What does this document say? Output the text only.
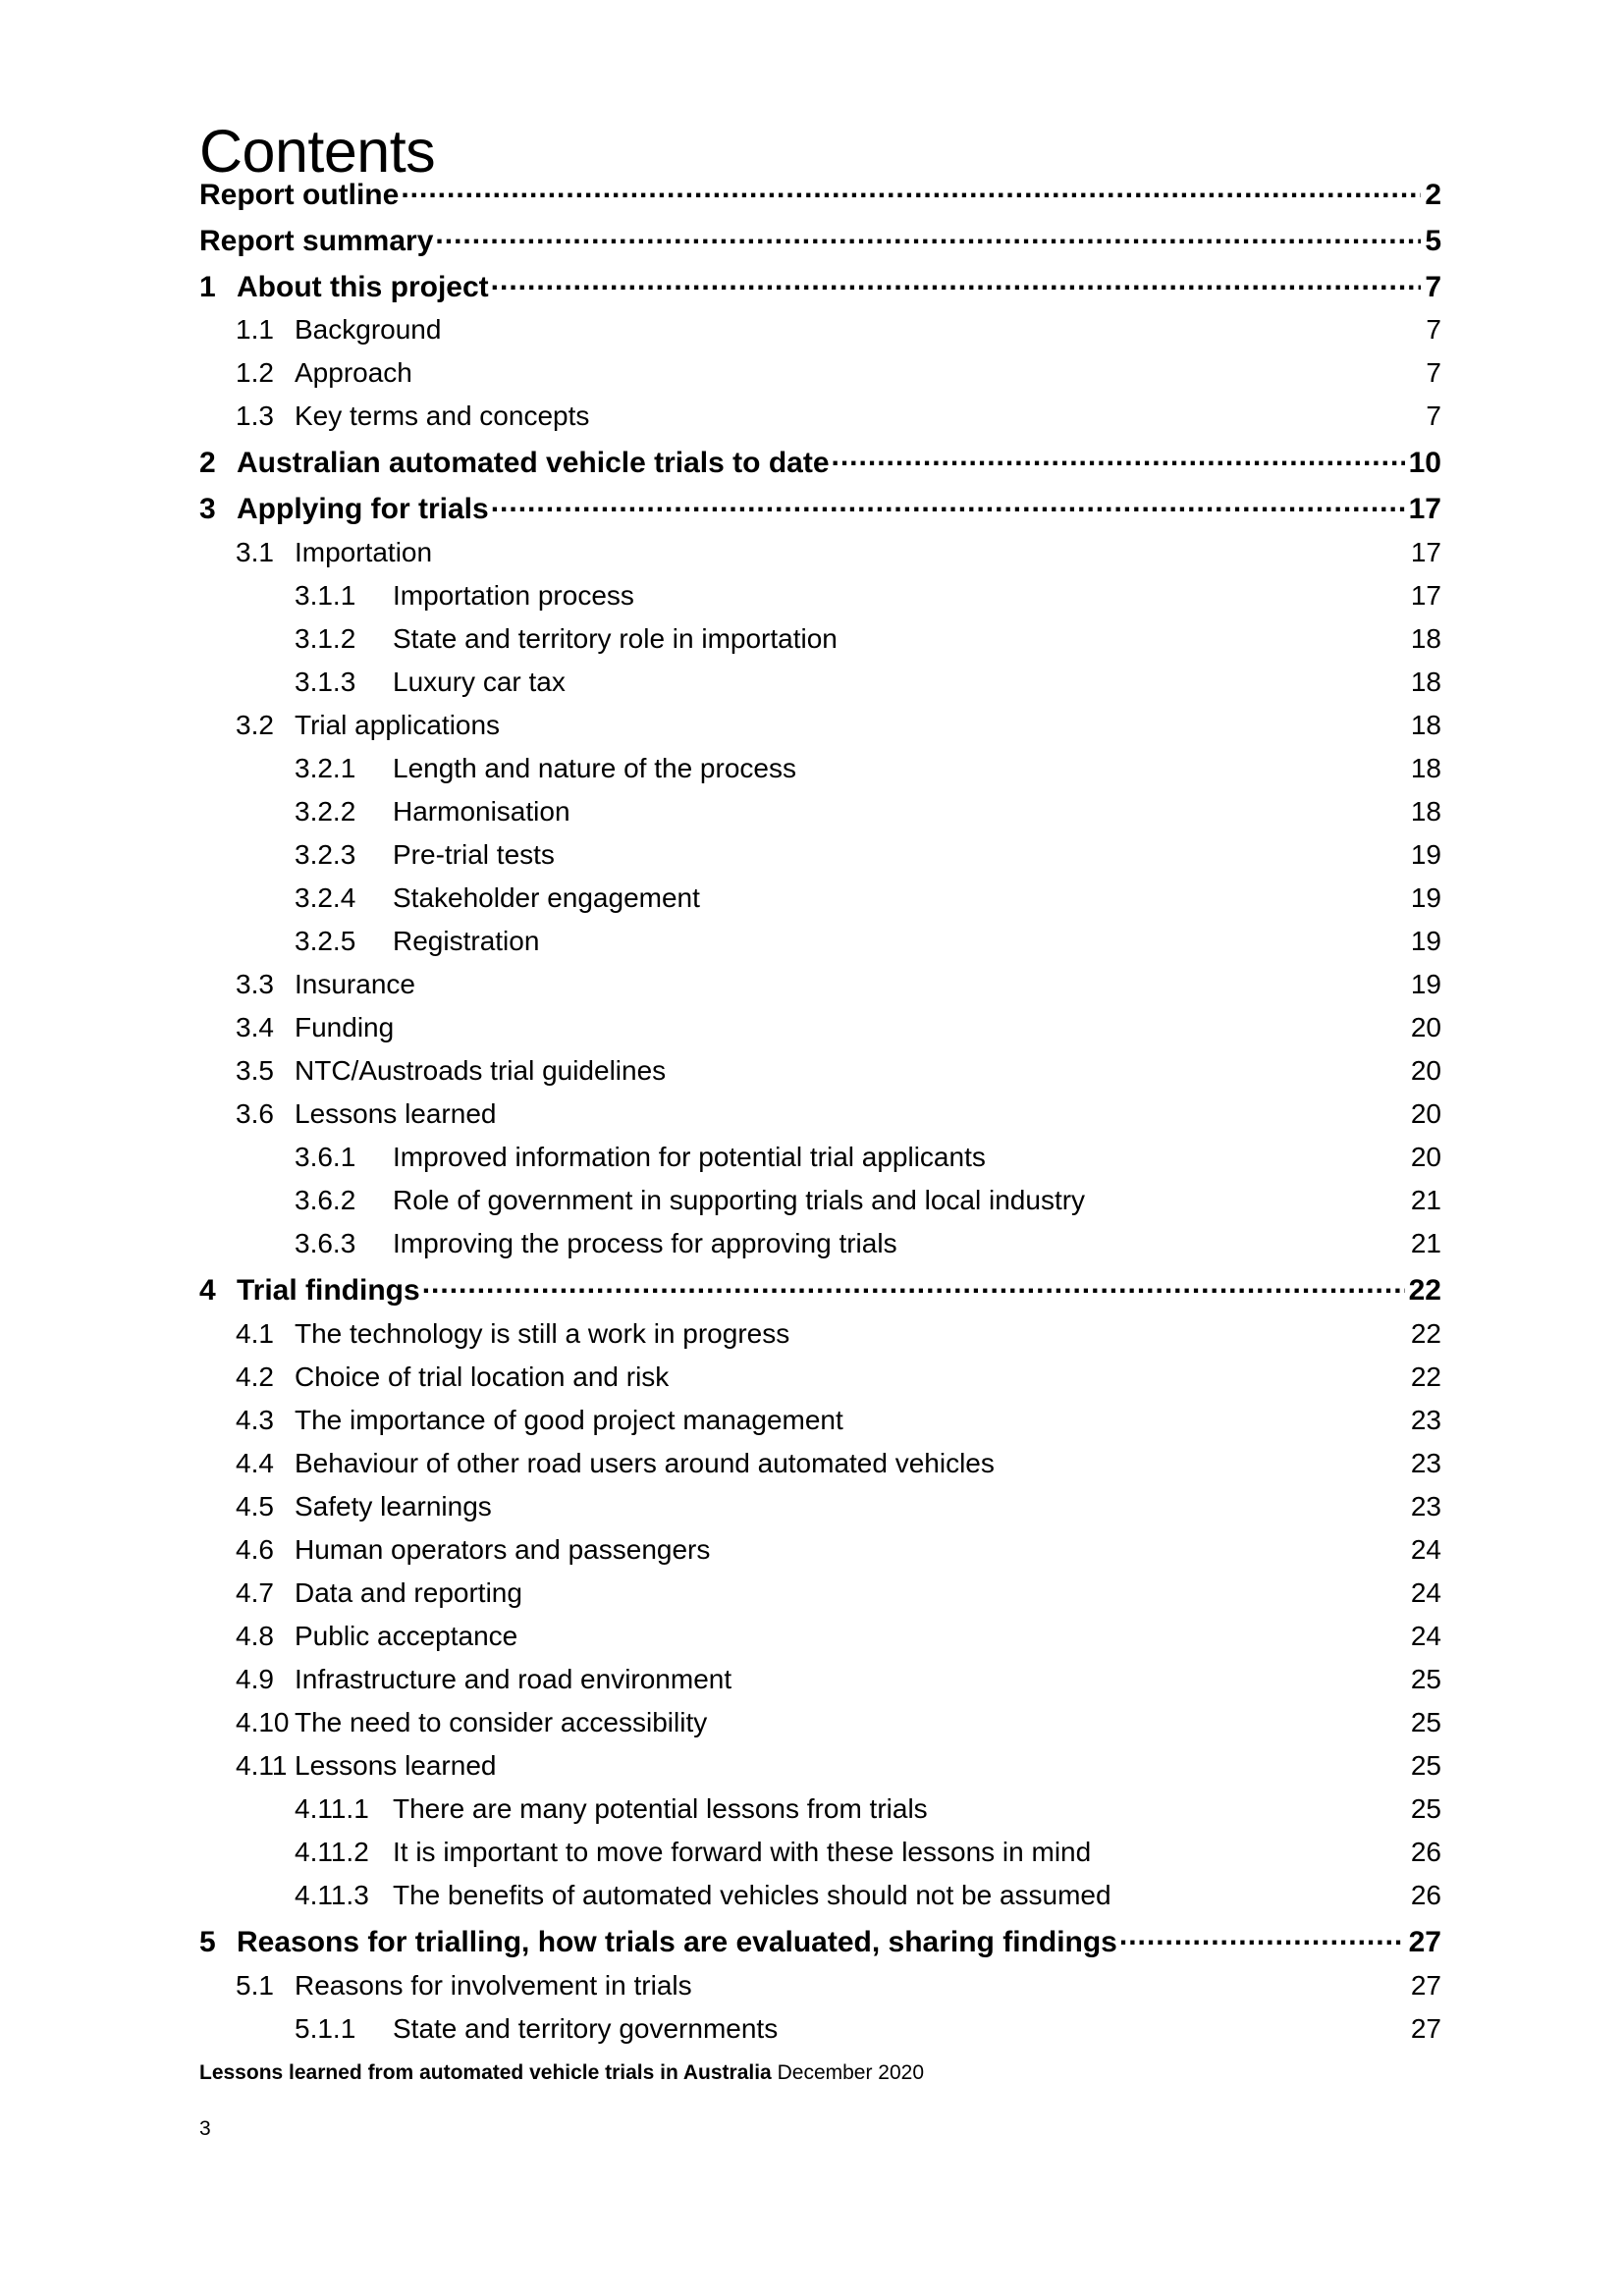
Contents
Report outline .....	2
Report summary .....	5
1 About this project .....	7
1.1 Background	7
1.2 Approach	7
1.3 Key terms and concepts	7
2 Australian automated vehicle trials to date .....	10
3 Applying for trials .....	17
3.1 Importation	17
3.1.1	Importation process	17
3.1.2	State and territory role in importation	18
3.1.3	Luxury car tax	18
3.2 Trial applications	18
3.2.1	Length and nature of the process	18
3.2.2	Harmonisation	18
3.2.3	Pre-trial tests	19
3.2.4	Stakeholder engagement	19
3.2.5	Registration	19
3.3 Insurance	19
3.4 Funding	20
3.5 NTC/Austroads trial guidelines	20
3.6 Lessons learned	20
3.6.1	Improved information for potential trial applicants	20
3.6.2	Role of government in supporting trials and local industry	21
3.6.3	Improving the process for approving trials	21
4 Trial findings .....	22
4.1 The technology is still a work in progress	22
4.2 Choice of trial location and risk	22
4.3 The importance of good project management	23
4.4 Behaviour of other road users around automated vehicles	23
4.5 Safety learnings	23
4.6 Human operators and passengers	24
4.7 Data and reporting	24
4.8 Public acceptance	24
4.9 Infrastructure and road environment	25
4.10 The need to consider accessibility	25
4.11 Lessons learned	25
4.11.1 There are many potential lessons from trials	25
4.11.2 It is important to move forward with these lessons in mind	26
4.11.3 The benefits of automated vehicles should not be assumed	26
5 Reasons for trialling, how trials are evaluated, sharing findings .....	27
5.1 Reasons for involvement in trials	27
5.1.1	State and territory governments	27
Lessons learned from automated vehicle trials in Australia December 2020
3
